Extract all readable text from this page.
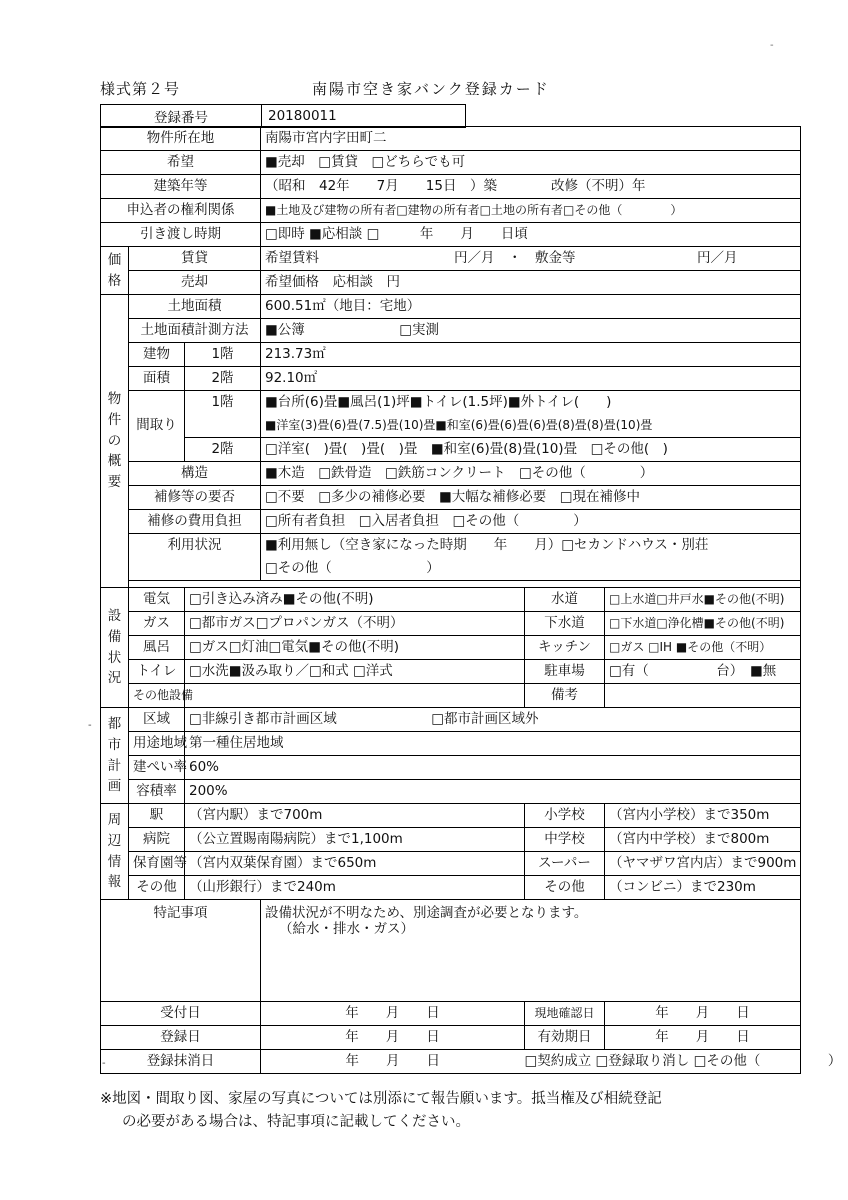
-
-
-
様式第２号	南陽市空き家バンク登録カード
登録番号	20180011
物件所在地			南陽市宮内字田町二		
希望			■売却　□賃貸　□どちらでも可		
建築年等			（昭和　42年　　7月　　15日　）築　　　　改修（不明）年		
申込者の権利関係			■土地及び建物の所有者□建物の所有者□土地の所有者□その他（　　　　）		
引き渡し時期			□即時 ■応相談 □　　　年　　月　　日頃		

価
格	賃貸		希望賃料　　　　　　　　　　円／月　・　敷金等　　　　　　　　　円／月		
	売却		希望価格　応相談　円		

物
件
の
概
要	土地面積		600.51㎡（地目：宅地）		
	土地面積計測方法		■公簿　　　　　　　□実測		
	建物	1階	213.73㎡		
	面積	2階	92.10㎡		
	間取り	1階	■台所(6)畳■風呂(1)坪■トイレ(1.5坪)■外トイレ(　　)		
			■洋室(3)畳(6)畳(7.5)畳(10)畳■和室(6)畳(6)畳(6)畳(8)畳(8)畳(10)畳		
		2階	□洋室(　)畳(　)畳(　)畳　■和室(6)畳(8)畳(10)畳　□その他(　)		
	構造		■木造　□鉄骨造　□鉄筋コンクリート　□その他（　　　　）		
	補修等の要否		□不要　□多少の補修必要　■大幅な補修必要　□現在補修中		
	補修の費用負担		□所有者負担　□入居者負担　□その他（　　　　）		
	利用状況		■利用無し（空き家になった時期　　年　　月）□セカンドハウス・別荘		
			□その他（　　　　　　　）		

設
備
状
況	電気	□引き込み済み■その他(不明)		水道	□上水道□井戸水■その他(不明)
	ガス	□都市ガス□プロパンガス（不明）		下水道	□下水道□浄化槽■その他(不明)
	風呂	□ガス□灯油□電気■その他(不明)		キッチン	□ガス □IH ■その他（不明）
	トイレ	□水洗■汲み取り／□和式 □洋式		駐車場	□有（　　　　　台）　■無
	その他設備			備考	

都
市
計
画	区域	□非線引き都市計画区域　　　　　　　□都市計画区域外			
	用途地域	第一種住居地域			
	建ぺい率	60%			
	容積率	200%			

周
辺
情
報	駅	（宮内駅）まで700m		小学校	（宮内小学校）まで350m
	病院	（公立置賜南陽病院）まで1,100m		中学校	（宮内中学校）まで800m
	保育園等	（宮内双葉保育園）まで650m		スーパー	（ヤマザワ宮内店）まで900m
	その他	（山形銀行）まで240m		その他	（コンビニ）まで230m
特記事項			設備状況が不明なため、別途調査が必要となります。
（給水・排水・ガス）		

受付日			年　　月　　日	現地確認日	年　　月　　日
登録日			年　　月　　日	有効期日	年　　月　　日
登録抹消日			年　　月　　日	□契約成立 □登録取り消し □その他（　　　　　）	
※地図・間取り図、家屋の写真については別添にて報告願います。抵当権及び相続登記
の必要がある場合は、特記事項に記載してください。
